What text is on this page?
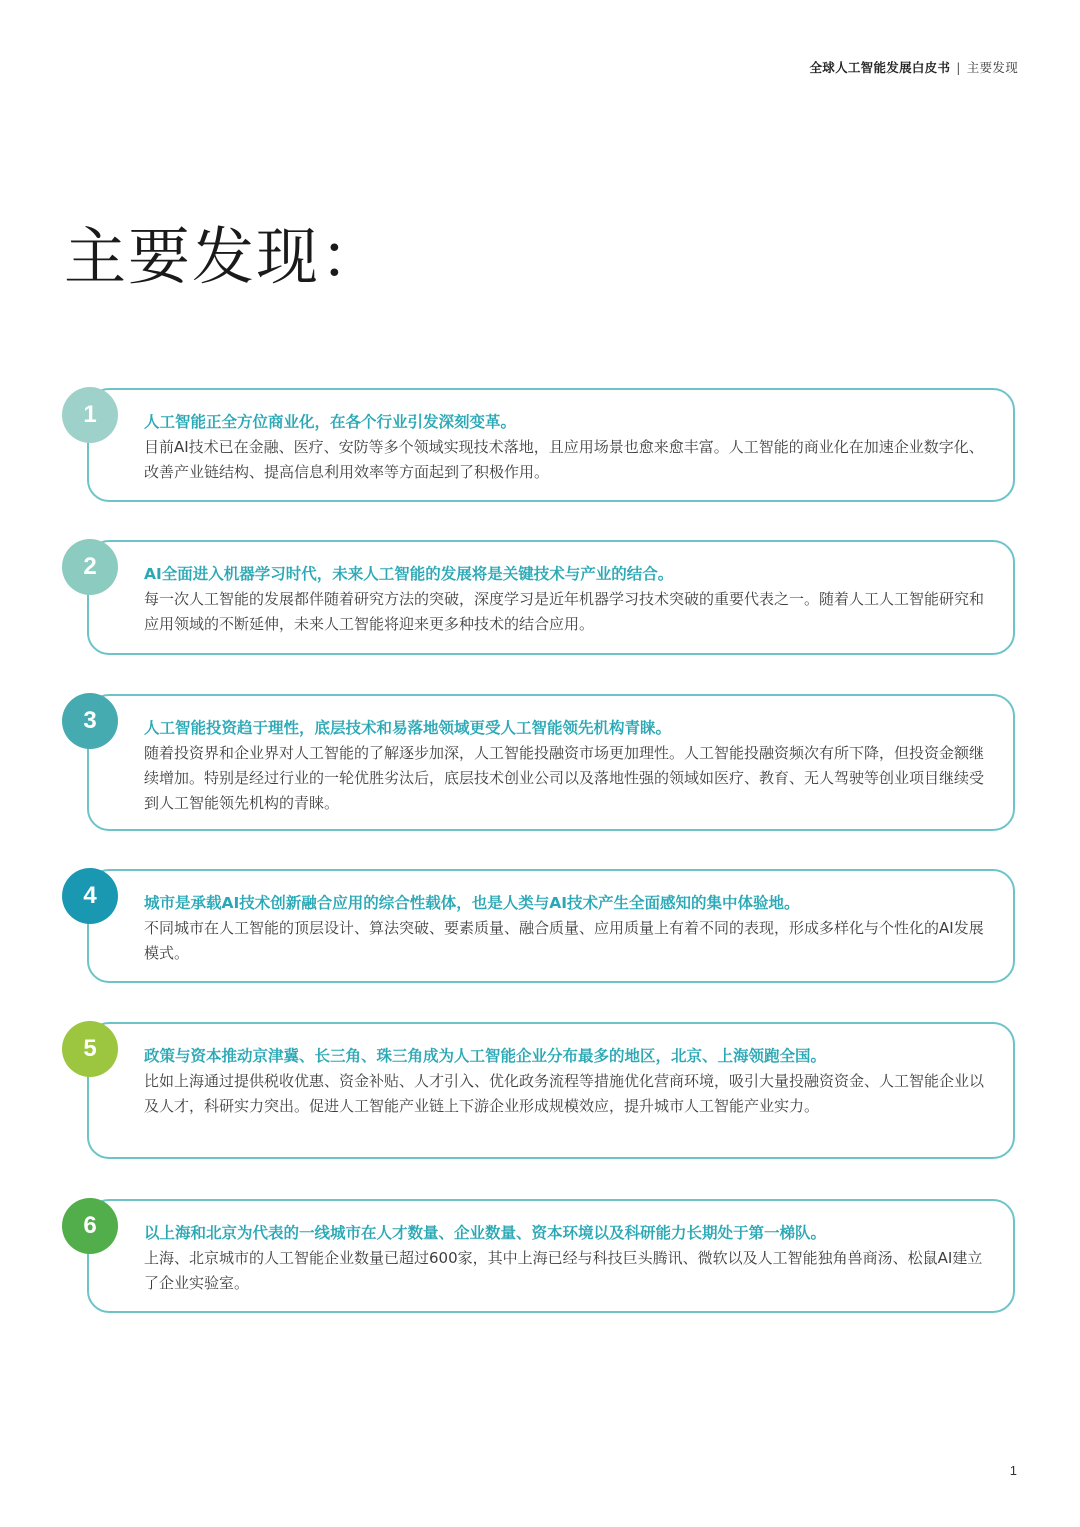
全球人工智能发展白皮书 | 主要发现
主要发现：
1	人工智能正全方位商业化，在各个行业引发深刻变革。
目前AI技术已在金融、医疗、安防等多个领域实现技术落地，且应用场景也愈来愈丰富。人工智能的商业化在加速企业数字化、改善产业链结构、提高信息利用效率等方面起到了积极作用。
2	AI全面进入机器学习时代，未来人工智能的发展将是关键技术与产业的结合。
每一次人工智能的发展都伴随着研究方法的突破，深度学习是近年机器学习技术突破的重要代表之一。随着人工人工智能研究和应用领域的不断延伸，未来人工智能将迎来更多种技术的结合应用。
3	人工智能投资趋于理性，底层技术和易落地领域更受人工智能领先机构青睐。
随着投资界和企业界对人工智能的了解逐步加深，人工智能投融资市场更加理性。人工智能投融资频次有所下降，但投资金额继续增加。特别是经过行业的一轮优胜劣汰后，底层技术创业公司以及落地性强的领域如医疗、教育、无人驾驶等创业项目继续受到人工智能领先机构的青睐。
4	城市是承载AI技术创新融合应用的综合性载体，也是人类与AI技术产生全面感知的集中体验地。
不同城市在人工智能的顶层设计、算法突破、要素质量、融合质量、应用质量上有着不同的表现，形成多样化与个性化的AI发展模式。
5	政策与资本推动京津冀、长三角、珠三角成为人工智能企业分布最多的地区，北京、上海领跑全国。
比如上海通过提供税收优惠、资金补贴、人才引入、优化政务流程等措施优化营商环境，吸引大量投融资资金、人工智能企业以及人才，科研实力突出。促进人工智能产业链上下游企业形成规模效应，提升城市人工智能产业实力。
6	以上海和北京为代表的一线城市在人才数量、企业数量、资本环境以及科研能力长期处于第一梯队。
上海、北京城市的人工智能企业数量已超过600家，其中上海已经与科技巨头腾讯、微软以及人工智能独角兽商汤、松鼠AI建立了企业实验室。
1
